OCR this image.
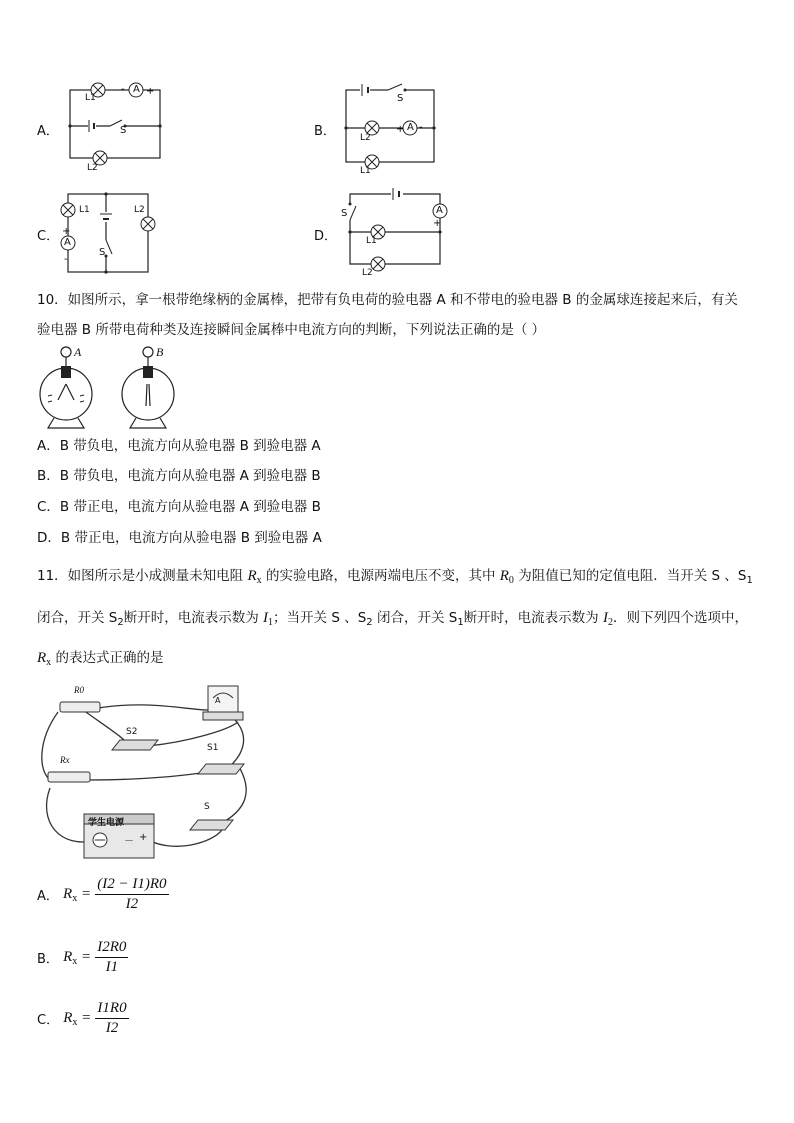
A．
L1
A +
-
S
L2
B．
S
L2
A
+ -
L1
C．
L1	L2
A
+
-
S
D．
S	A
+
L1
L2
10．如图所示，拿一根带绝缘柄的金属棒，把带有负电荷的验电器 A 和不带电的验电器 B 的金属球连接起来后，有关
验电器 B 所带电荷种类及连接瞬间金属棒中电流方向的判断，下列说法正确的是（ ）
A	B
A．B 带负电，电流方向从验电器 B 到验电器 A
B．B 带负电，电流方向从验电器 A 到验电器 B
C．B 带正电，电流方向从验电器 A 到验电器 B
D．B 带正电，电流方向从验电器 B 到验电器 A
11．如图所示是小成测量未知电阻 $R_x$ 的实验电路，电源两端电压不变，其中 $R_0$ 为阻值已知的定值电阻．当开关 S 、$S_1$
闭合，开关 $S_2$断开时，电流表示数为 $I_1$；当开关 S 、$S_2$ 闭合，开关 $S_1$断开时，电流表示数为 $I_2$．则下列四个选项中，
$R_x$ 的表达式正确的是
R0
Rx
A
S2
S1
S
学生电源
+
－
A． $R_x = \frac{(I2 - I1)R0}{I2}$
B． $R_x = \frac{I2R0}{I1}$
C． $R_x = \frac{I1R0}{I2}$
